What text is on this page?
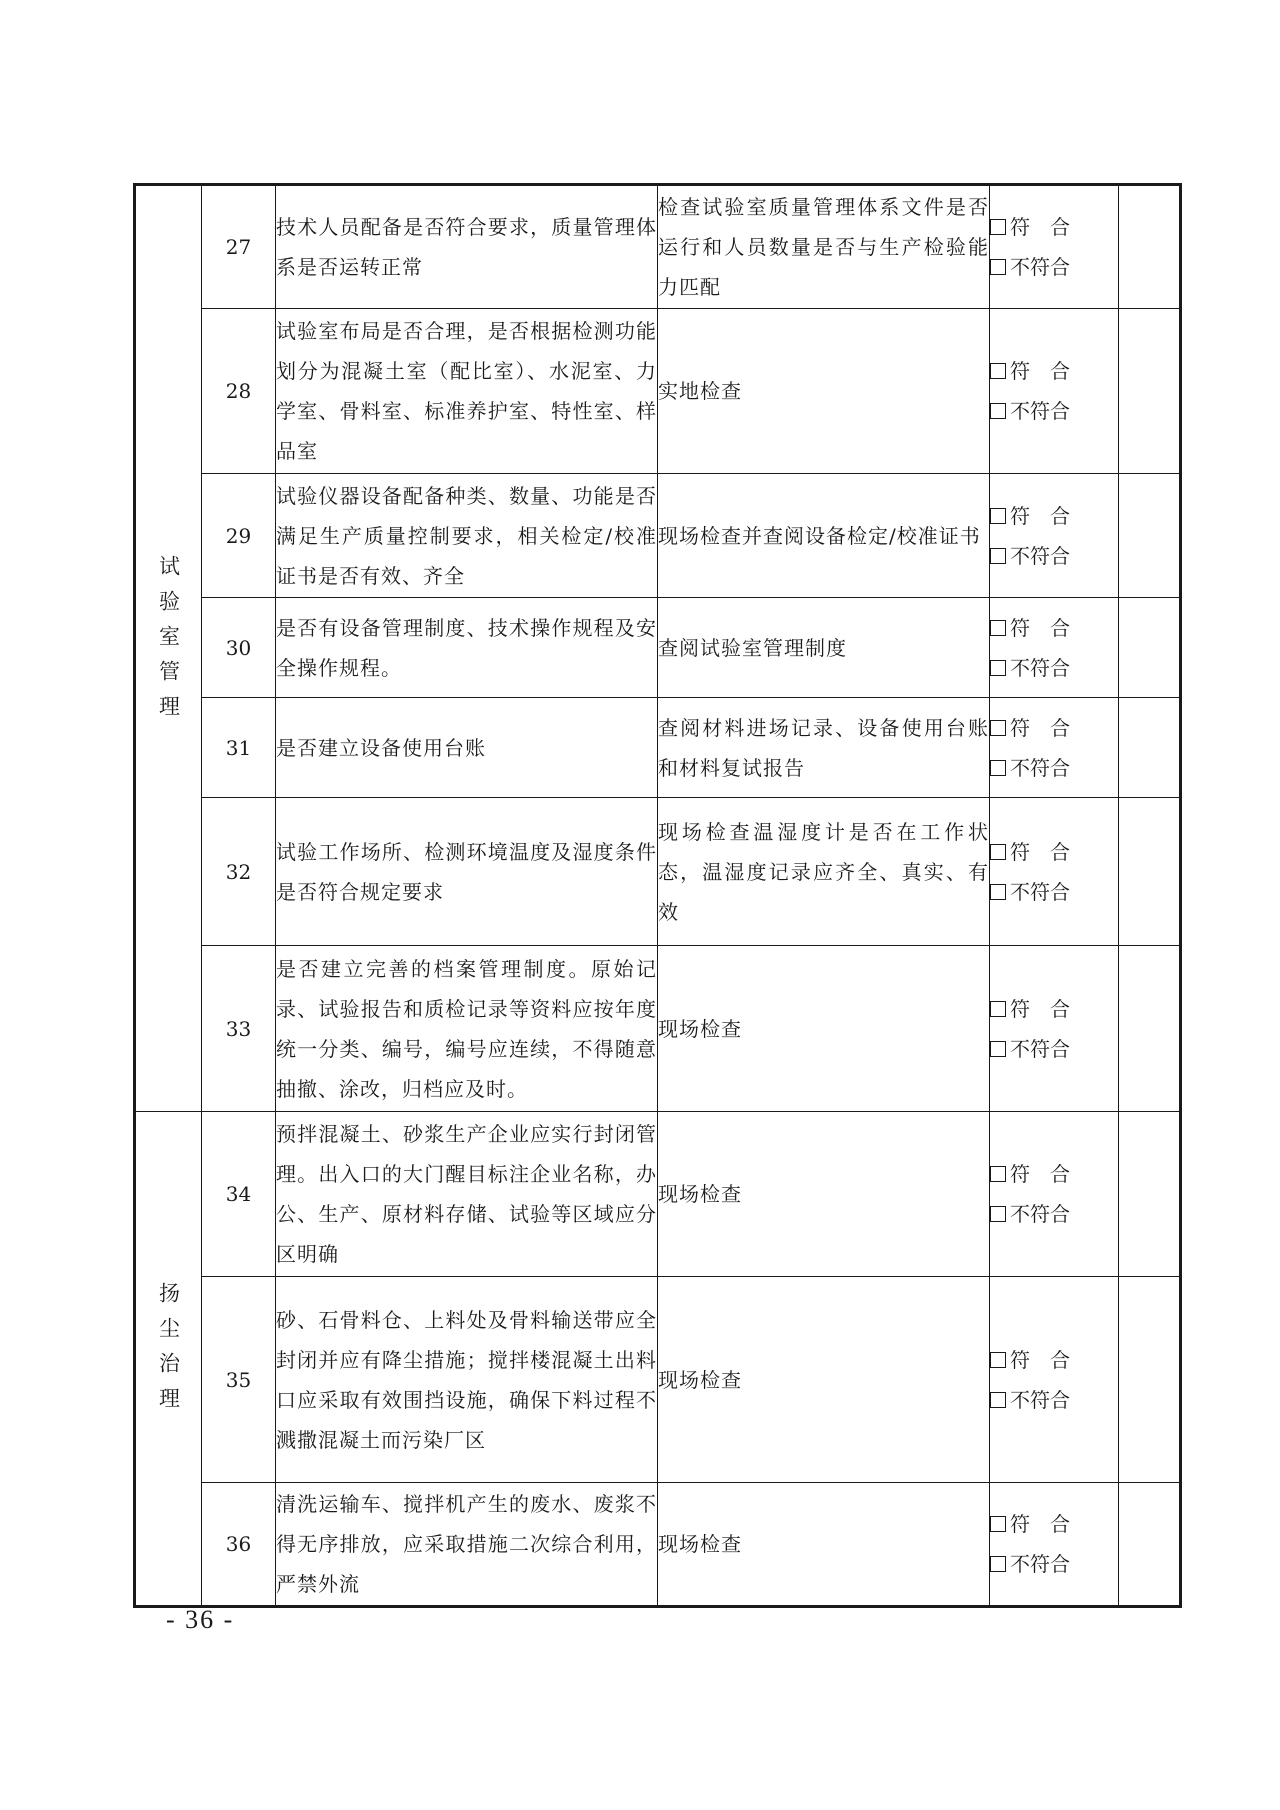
试验室管理	27	技术人员配备是否符合要求，质量管理体系是否运转正常	检查试验室质量管理体系文件是否运行和人员数量是否与生产检验能力匹配	符　合
不符合	

	28	试验室布局是否合理，是否根据检测功能划分为混凝土室（配比室）、水泥室、力学室、骨料室、标准养护室、特性室、样品室	实地检查	符　合
不符合	

	29	试验仪器设备配备种类、数量、功能是否满足生产质量控制要求，相关检定/校准证书是否有效、齐全	现场检查并查阅设备检定/校准证书	符　合
不符合	

	30	是否有设备管理制度、技术操作规程及安全操作规程。	查阅试验室管理制度	符　合
不符合	

	31	是否建立设备使用台账	查阅材料进场记录、设备使用台账和材料复试报告	符　合
不符合	

	32	试验工作场所、检测环境温度及湿度条件是否符合规定要求	现场检查温湿度计是否在工作状态，温湿度记录应齐全、真实、有效	符　合
不符合	

	33	是否建立完善的档案管理制度。原始记录、试验报告和质检记录等资料应按年度统一分类、编号，编号应连续，不得随意抽撤、涂改，归档应及时。	现场检查	符　合
不符合	

扬尘治理	34	预拌混凝土、砂浆生产企业应实行封闭管理。出入口的大门醒目标注企业名称，办公、生产、原材料存储、试验等区域应分区明确	现场检查	符　合
不符合	

	35	砂、石骨料仓、上料处及骨料输送带应全封闭并应有降尘措施；搅拌楼混凝土出料口应采取有效围挡设施，确保下料过程不溅撒混凝土而污染厂区	现场检查	符　合
不符合	

	36	清洗运输车、搅拌机产生的废水、废浆不得无序排放，应采取措施二次综合利用，严禁外流	现场检查	符　合
不符合	

- 36 -
